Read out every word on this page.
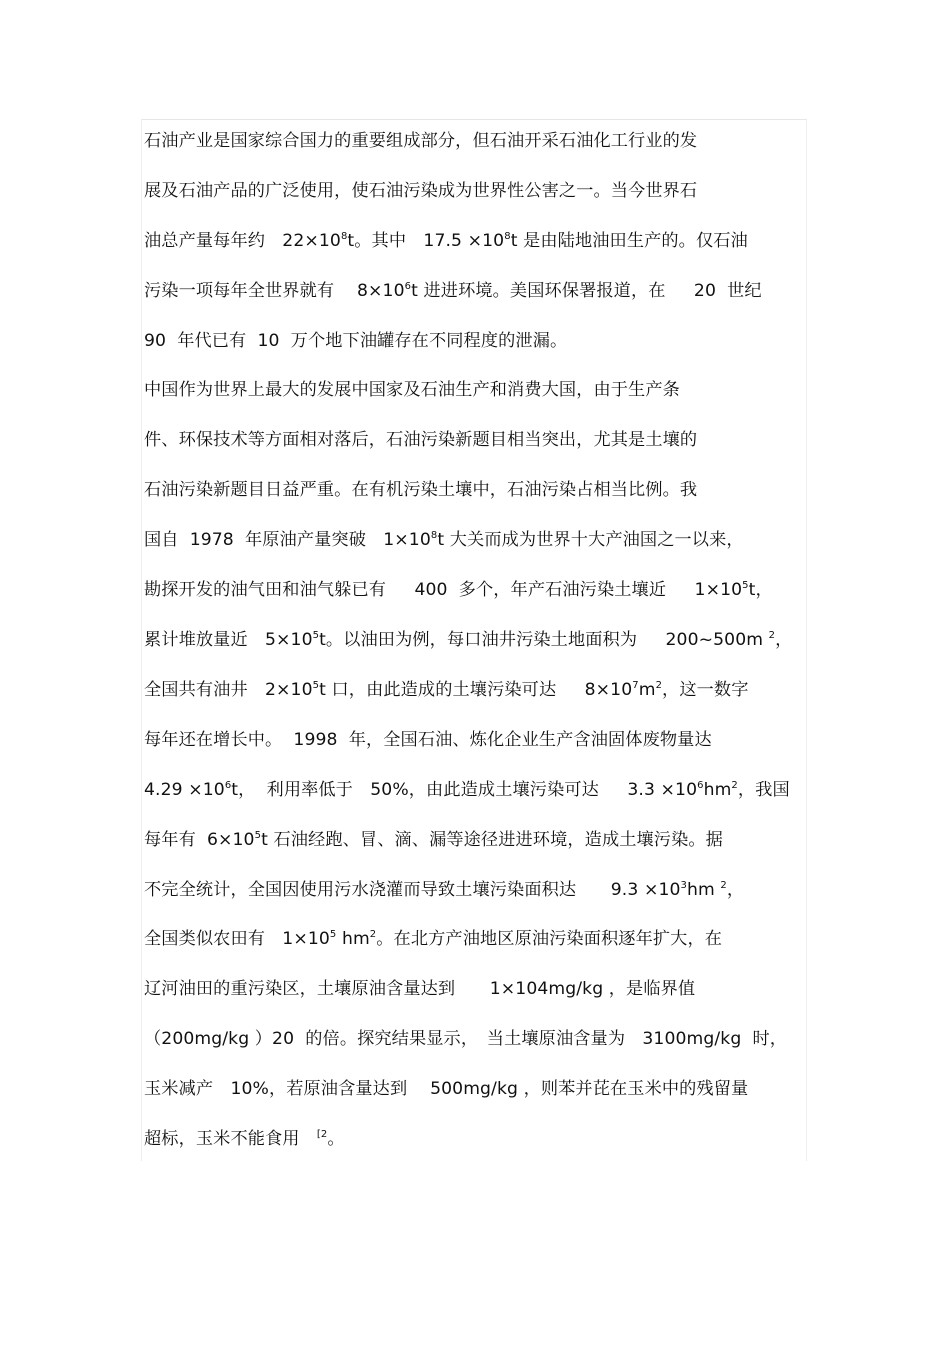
石油产业是国家综合国力的重要组成部分，但石油开采石油化工行业的发
展及石油产品的广泛使用，使石油污染成为世界性公害之一。当今世界石
油总产量每年约　$22\times 10^8t$。其中　$17.5 \times 10^8t$ 是由陆地油田生产的。仅石油
污染一项每年全世界就有　 $8\times 10^6t$ 进进环境。美国环保署报道，在　  20  世纪
90  年代已有  10  万个地下油罐存在不同程度的泄漏。
中国作为世界上最大的发展中国家及石油生产和消费大国，由于生产条
件、环保技术等方面相对落后，石油污染新题目相当突出，尤其是土壤的
石油污染新题目日益严重。在有机污染土壤中，石油污染占相当比例。我
国自  1978  年原油产量突破　$1\times 10^8t$ 大关而成为世界十大产油国之一以来，
勘探开发的油气田和油气躲已有　  400  多个，年产石油污染土壤近　  $1\times 10^5t$，
累计堆放量近　$5\times 10^5t$。以油田为例，每口油井污染土地面积为　  200~500m $^2$，
全国共有油井　$2\times 10^5t$ 口，由此造成的土壤污染可达　  $8\times 10^7m^2$，这一数字
每年还在增长中。  1998  年，全国石油、炼化企业生产含油固体废物量达
$4.29 \times 10^6t$，  利用率低于　50%，由此造成土壤污染可达　  $3.3 \times 10^6hm^2$，我国
每年有  $6\times 10^5t$ 石油经跑、冒、滴、漏等途径进进环境，造成土壤污染。据
不完全统计，全国因使用污水浇灌而导致土壤污染面积达　　$9.3 \times 10^3hm$ $^2$，
全国类似农田有　$1\times 10^5$ $hm^2$。在北方产油地区原油污染面积逐年扩大，在
辽河油田的重污染区，土壤原油含量达到　　1×104mg/kg ，是临界值
（200mg/kg ）20  的倍。探究结果显示，　当土壤原油含量为　3100mg/kg  时，
玉米减产　10%，若原油含量达到　 500mg/kg ，则苯并芘在玉米中的残留量
超标，玉米不能食用　$^{[2}$。
